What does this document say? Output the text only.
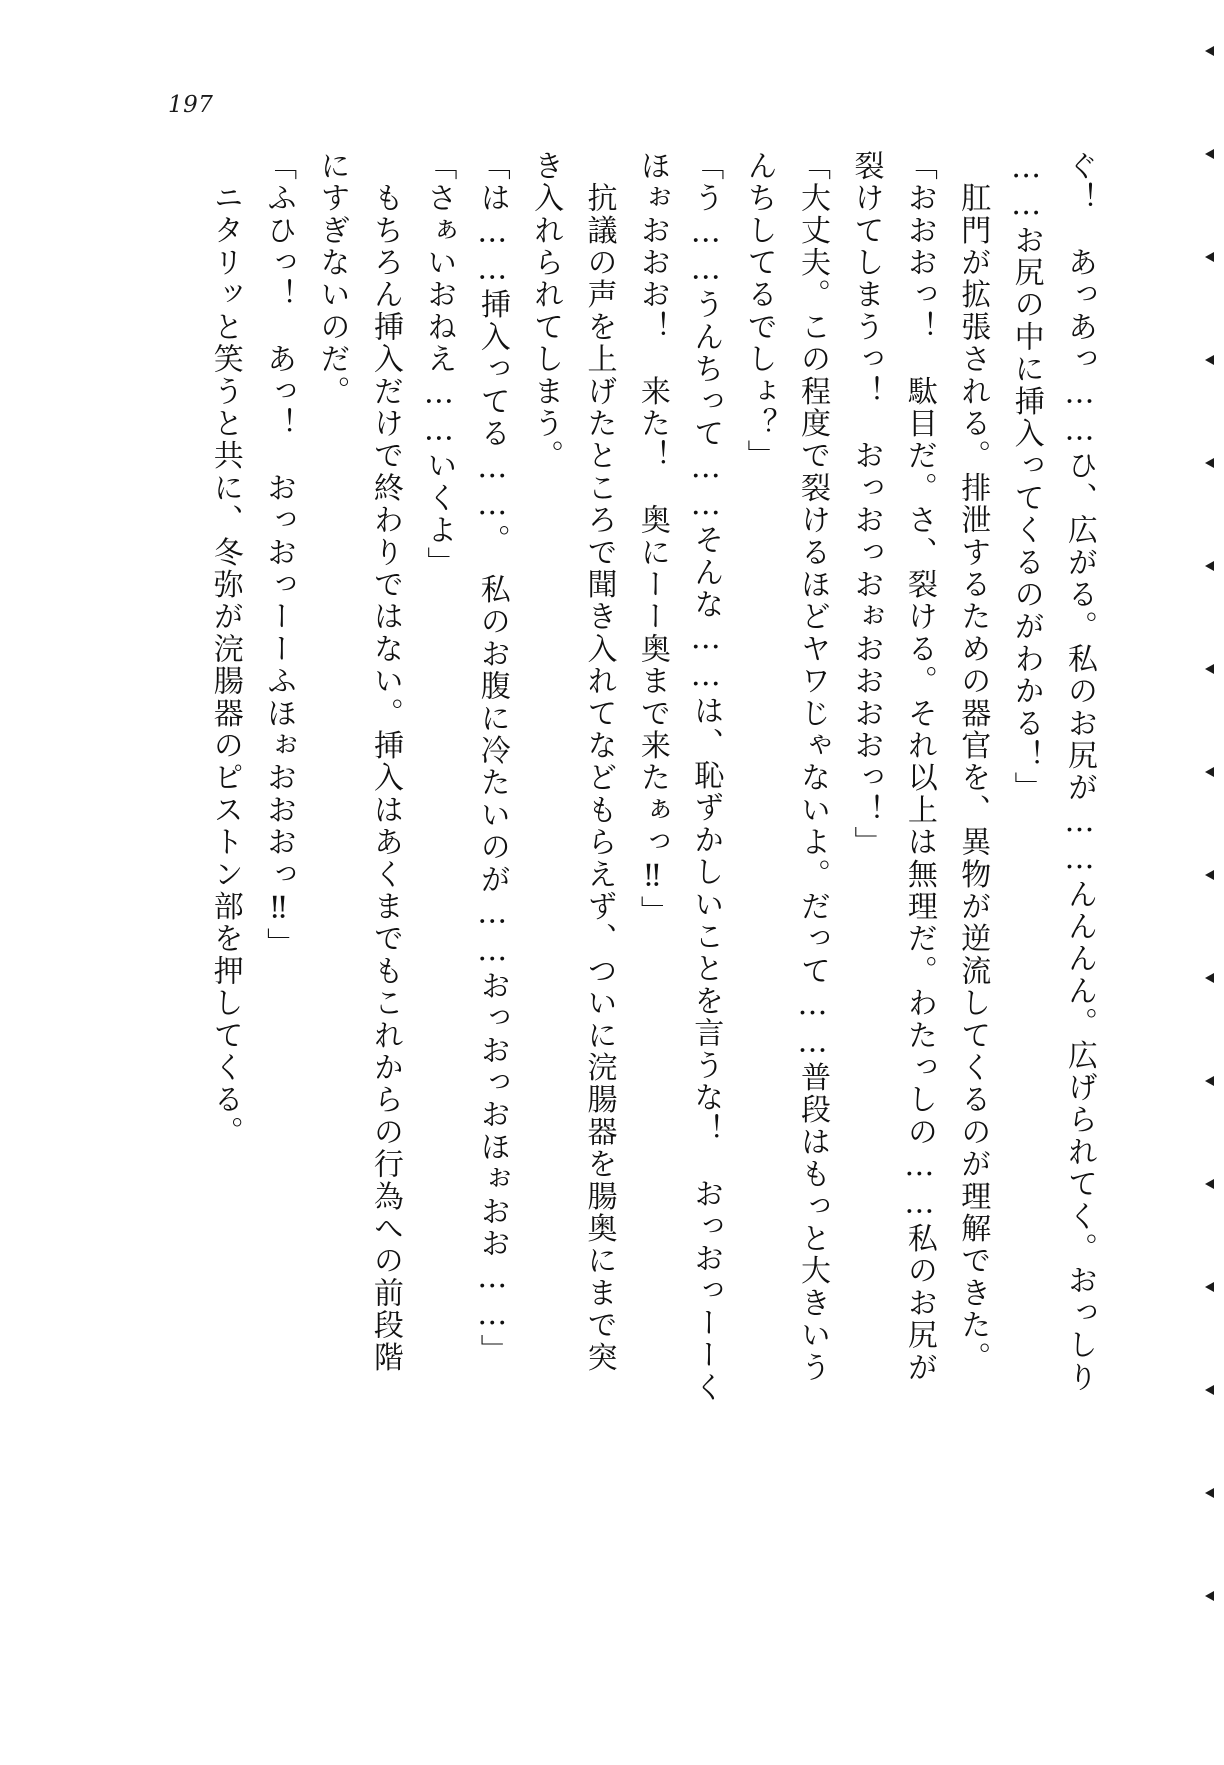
197

ぐ！　あっあっ……ひ、広がる。私のお尻が……んんんん。広げられてく。おっしり

……お尻の中に挿入ってくるのがわかる！」

　肛門が拡張される。排泄するための器官を、異物が逆流してくるのが理解できた。

「おおおっ！　駄目だ。さ、裂ける。それ以上は無理だ。わたっしの……私のお尻が

裂けてしまうっ！　おっおっおぉおおおおっ！」

「大丈夫。この程度で裂けるほどヤワじゃないよ。だって……普段はもっと大きいう

んちしてるでしょ？」

「う……うんちって……そんな……は、恥ずかしいことを言うな！　おっおっーーく

ほぉおおお！　来た！　奥にーー奥まで来たぁっ‼」

　抗議の声を上げたところで聞き入れてなどもらえず、ついに浣腸器を腸奥にまで突

き入れられてしまう。

「は……挿入ってる……。　私のお腹に冷たいのが……おっおっおほぉおお……」

「さぁいおねえ……いくよ」

　もちろん挿入だけで終わりではない。挿入はあくまでもこれからの行為への前段階

にすぎないのだ。

「ふひっ！　あっ！　おっおっーーふほぉおおおっ‼」

　ニタリッと笑うと共に、冬弥が浣腸器のピストン部を押してくる。
